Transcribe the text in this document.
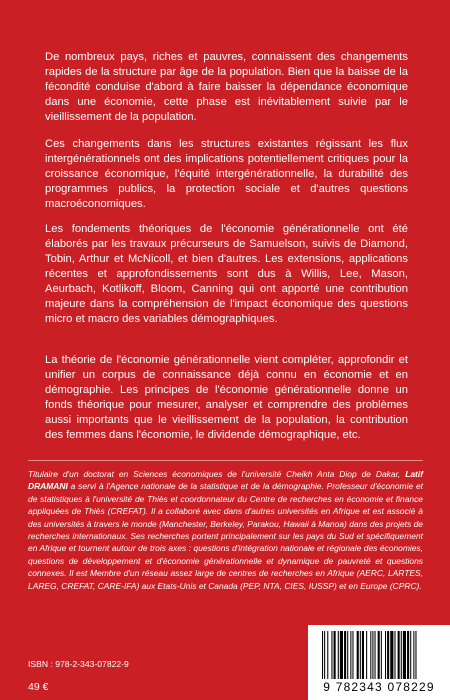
De nombreux pays, riches et pauvres, connaissent des changements rapides de la structure par âge de la population. Bien que la baisse de la fécondité conduise d'abord à faire baisser la dépendance économique dans une économie, cette phase est inévitablement suivie par le vieillissement de la population.

Ces changements dans les structures existantes régissant les flux intergénérationnels ont des implications potentiellement critiques pour la croissance économique, l'équité intergénérationnelle, la durabilité des programmes publics, la protection sociale et d'autres questions macroéconomiques.

Les fondements théoriques de l'économie générationnelle ont été élaborés par les travaux précurseurs de Samuelson, suivis de Diamond, Tobin, Arthur et McNicoll, et bien d'autres. Les extensions, applications récentes et approfondissements sont dus à Willis, Lee, Mason, Aeurbach, Kotlikoff, Bloom, Canning qui ont apporté une contribution majeure dans la compréhension de l'impact économique des questions micro et macro des variables démographiques.

La théorie de l'économie générationnelle vient compléter, approfondir et unifier un corpus de connaissance déjà connu en économie et en démographie. Les principes de l'économie générationnelle donne un fonds théorique pour mesurer, analyser et comprendre des problèmes aussi importants que le vieillissement de la population, la contribution des femmes dans l'économie, le dividende démographique, etc.

Titulaire d'un doctorat en Sciences économiques de l'université Cheikh Anta Diop de Dakar, Latif DRAMANI a servi à l'Agence nationale de la statistique et de la démographie. Professeur d'économie et de statistiques à l'université de Thiès et coordonnateur du Centre de recherches en économie et finance appliquées de Thiès (CREFAT). Il a collaboré avec dans d'autres universités en Afrique et est associé à des universités à travers le monde (Manchester, Berkeley, Parakou, Hawaii à Manoa) dans des projets de recherches internationaux. Ses recherches portent principalement sur les pays du Sud et spécifiquement en Afrique et tournent autour de trois axes : questions d'intégration nationale et régionale des économies, questions de développement et d'économie générationnelle et dynamique de pauvreté et questions connexes. Il est Membre d'un réseau assez large de centres de recherches en Afrique (AERC, LARTES, LAREG, CREFAT, CARE-IFA) aux Etats-Unis et Canada (PEP, NTA, CIES, IUSSP) et en Europe (CPRC).

ISBN : 978-2-343-07822-9
49 €	9 782343 078229
